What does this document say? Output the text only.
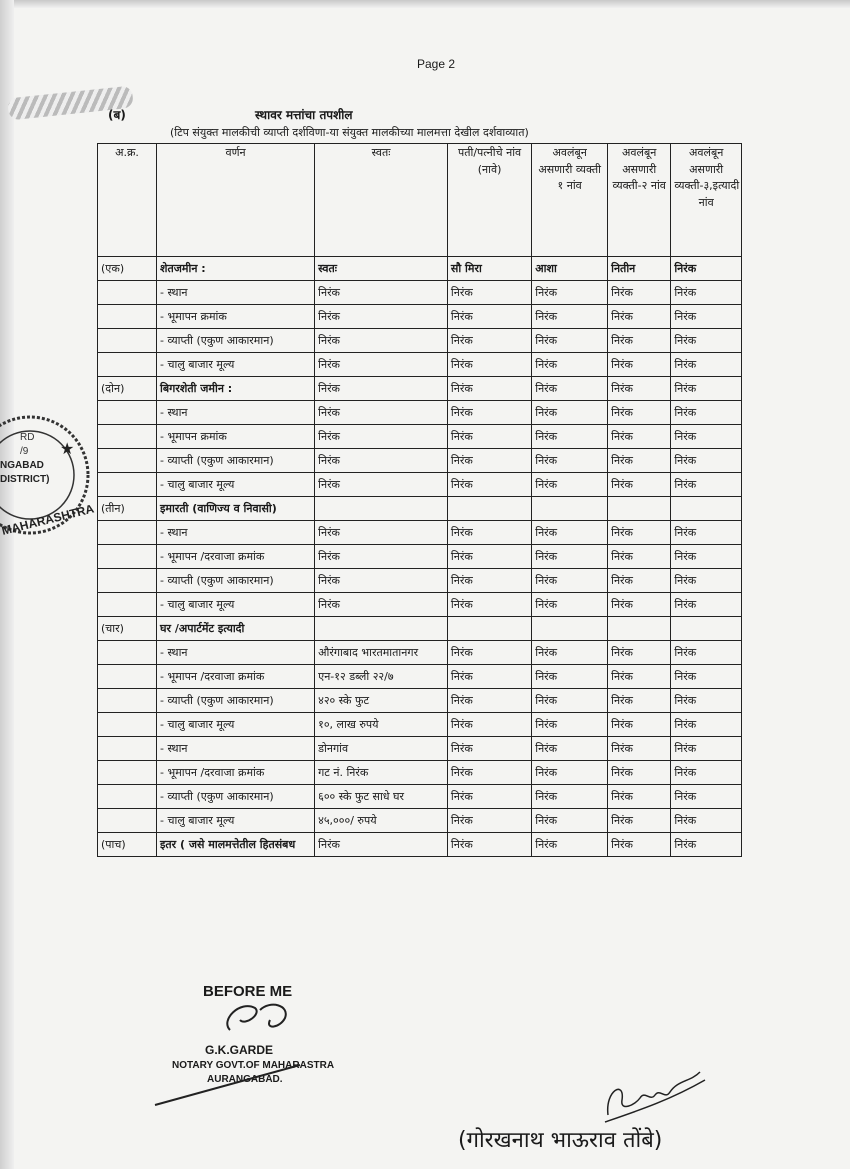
Page 2
(ब)	स्थावर मत्तांचा तपशील
(टिप संयुक्त मालकीची व्याप्ती दर्शविणा-या संयुक्त मालकीच्या मालमत्ता देखील दर्शवाव्यात)
अ.क्र.	वर्णन	स्वतः	पती/पत्नीचे नांव (नावे)	अवलंबून असणारी व्यक्ती १ नांव	अवलंबून असणारी व्यक्ती-२ नांव	अवलंबून असणारी व्यक्ती-३,इत्यादी नांव
(एक)	शेतजमीन :	स्वतः	सौ मिरा	आशा	नितीन	निरंक
	- स्थान	निरंक	निरंक	निरंक	निरंक	निरंक
	- भूमापन क्रमांक	निरंक	निरंक	निरंक	निरंक	निरंक
	- व्याप्ती (एकुण आकारमान)	निरंक	निरंक	निरंक	निरंक	निरंक
	- चालु बाजार मूल्य	निरंक	निरंक	निरंक	निरंक	निरंक
(दोन)	बिगरशेती जमीन :	निरंक	निरंक	निरंक	निरंक	निरंक
	- स्थान	निरंक	निरंक	निरंक	निरंक	निरंक
	- भूमापन क्रमांक	निरंक	निरंक	निरंक	निरंक	निरंक
	- व्याप्ती (एकुण आकारमान)	निरंक	निरंक	निरंक	निरंक	निरंक
	- चालु बाजार मूल्य	निरंक	निरंक	निरंक	निरंक	निरंक
(तीन)	इमारती (वाणिज्य व निवासी)					
	- स्थान	निरंक	निरंक	निरंक	निरंक	निरंक
	- भूमापन /दरवाजा क्रमांक	निरंक	निरंक	निरंक	निरंक	निरंक
	- व्याप्ती (एकुण आकारमान)	निरंक	निरंक	निरंक	निरंक	निरंक
	- चालु बाजार मूल्य	निरंक	निरंक	निरंक	निरंक	निरंक
(चार)	घर /अपार्टमेंट इत्यादी					
	- स्थान	औरंगाबाद भारतमातानगर	निरंक	निरंक	निरंक	निरंक
	- भूमापन /दरवाजा क्रमांक	एन-१२ डब्ली २२/७	निरंक	निरंक	निरंक	निरंक
	- व्याप्ती (एकुण आकारमान)	४२० स्के फुट	निरंक	निरंक	निरंक	निरंक
	- चालु बाजार मूल्य	१०, लाख रुपये	निरंक	निरंक	निरंक	निरंक
	- स्थान	डोनगांव	निरंक	निरंक	निरंक	निरंक
	- भूमापन /दरवाजा क्रमांक	गट नं. निरंक	निरंक	निरंक	निरंक	निरंक
	- व्याप्ती (एकुण आकारमान)	६०० स्के फुट साधे घर	निरंक	निरंक	निरंक	निरंक
	- चालु बाजार मूल्य	४५,०००/ रुपये	निरंक	निरंक	निरंक	निरंक
(पाच)	इतर ( जसे मालमत्तेतील हितसंबध	निरंक	निरंक	निरंक	निरंक	निरंक
★
RD
/9
NGABAD
DISTRICT)
MAHARASHTRA
BEFORE ME
G.K.GARDE
NOTARY GOVT.OF MAHARASTRA
AURANGABAD.
(गोरखनाथ भाऊराव तोंबे)
